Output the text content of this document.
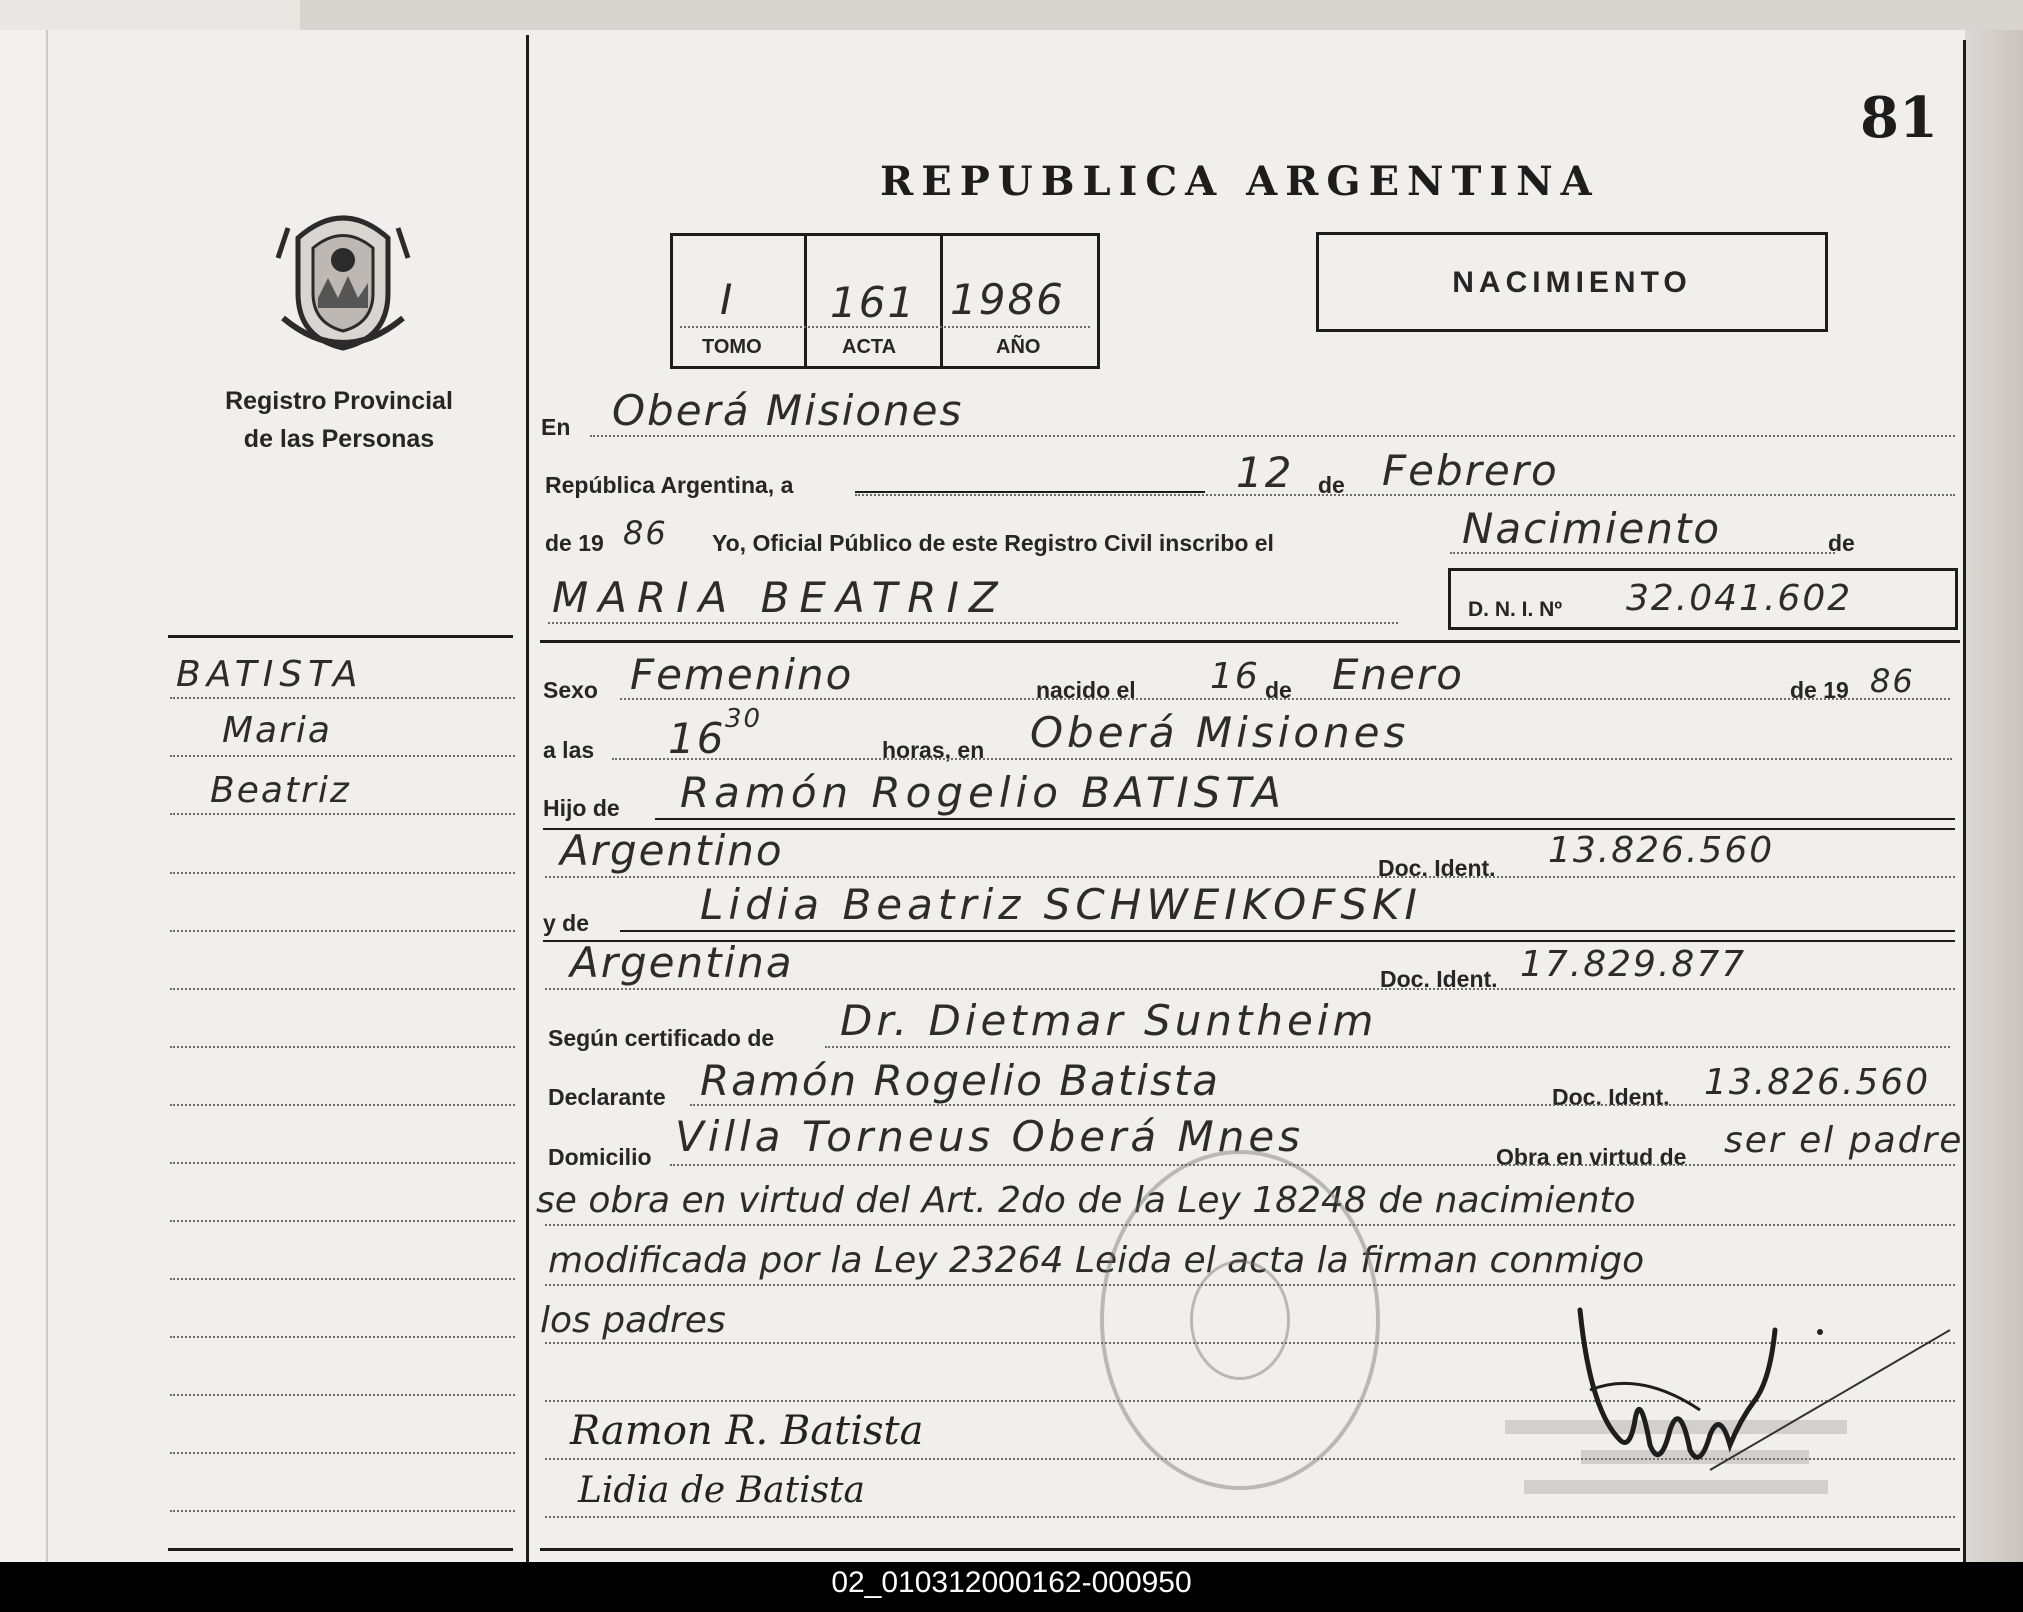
81
REPUBLICA ARGENTINA
Registro Provincial
de las Personas
I 161 1986
TOMO	ACTA	AÑO
NACIMIENTO
En Oberá Misiones
República Argentina, a	12 de Febrero
de 19 86 Yo, Oficial Público de este Registro Civil inscribo el	Nacimiento	de
MARIA BEATRIZ	D. N. I. Nº 32.041.602
BATISTA
Maria
Beatriz
Sexo Femenino	nacido el 16 de Enero	de 19 86
a las 16 30
horas, en Oberá Misiones
Hijo de Ramón Rogelio BATISTA
Argentino	Doc. Ident. 13.826.560
y de	Lidia Beatriz SCHWEIKOFSKI
Argentina	Doc. Ident. 17.829.877
Según certificado de Dr. Dietmar Suntheim
Declarante Ramón Rogelio Batista	Doc. Ident. 13.826.560
Domicilio Villa Torneus Oberá Mnes	Obra en virtud de ser el padre
se obra en virtud del Art. 2do de la Ley 18248 de nacimiento
modificada por la Ley 23264 Leida el acta la firman conmigo
los padres
Ramon R. Batista
Lidia de Batista
02_010312000162-000950
